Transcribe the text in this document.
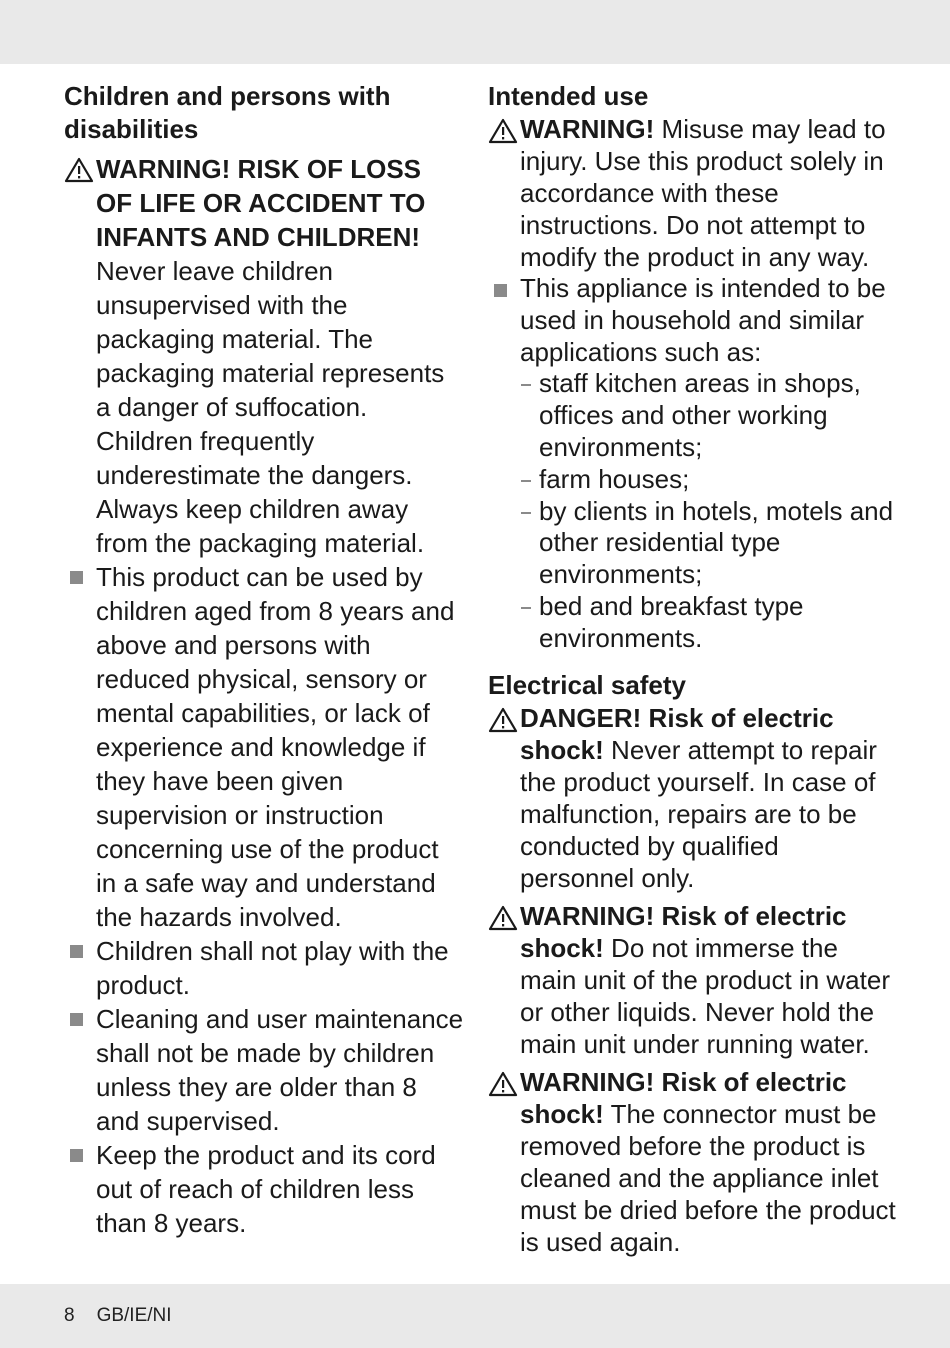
Children and persons with disabilities
WARNING! RISK OF LOSS OF LIFE OR ACCIDENT TO INFANTS AND CHILDREN!

Never leave children unsupervised with the packaging material. The packaging material represents a danger of suffocation.

Children frequently underestimate the dangers. Always keep children away from the packaging material.

This product can be used by children aged from 8 years and above and persons with reduced physical, sensory or mental capabilities, or lack of experience and knowledge if they have been given supervision or instruction concerning use of the product in a safe way and understand the hazards involved.
Children shall not play with the product.
Cleaning and user maintenance shall not be made by children unless they are older than 8 and supervised.
Keep the product and its cord out of reach of children less than 8 years.
Intended use
WARNING! Misuse may lead to injury. Use this product solely in accordance with these instructions. Do not attempt to modify the product in any way.
This appliance is intended to be used in household and similar applications such as:
staff kitchen areas in shops, offices and other working environments;
farm houses;
by clients in hotels, motels and other residential type environments;
bed and breakfast type environments.
Electrical safety
DANGER! Risk of electric shock! Never attempt to repair the product yourself. In case of malfunction, repairs are to be conducted by qualified personnel only.
WARNING! Risk of electric shock! Do not immerse the main unit of the product in water or other liquids. Never hold the main unit under running water.
WARNING! Risk of electric shock! The connector must be removed before the product is cleaned and the appliance inlet must be dried before the product is used again.
8 GB/IE/NI
